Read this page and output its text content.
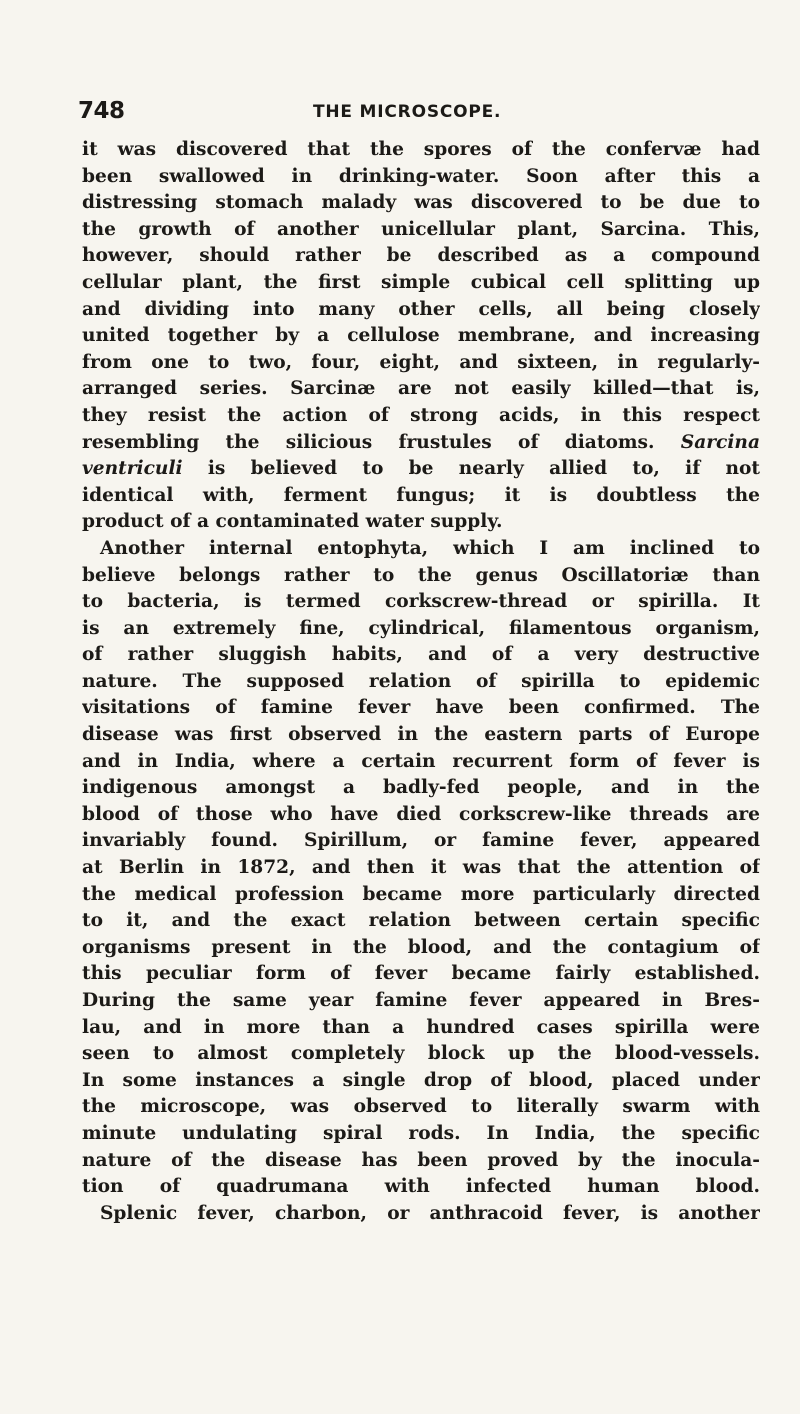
748	THE MICROSCOPE.
it was discovered that the spores of the confervæ had
been swallowed in drinking-water. Soon after this a
distressing stomach malady was discovered to be due to
the growth of another unicellular plant, Sarcina. This,
however, should rather be described as a compound
cellular plant, the first simple cubical cell splitting up
and dividing into many other cells, all being closely
united together by a cellulose membrane, and increasing
from one to two, four, eight, and sixteen, in regularly-
arranged series. Sarcinæ are not easily killed—that is,
they resist the action of strong acids, in this respect
resembling the silicious frustules of diatoms. Sarcina
ventriculi is believed to be nearly allied to, if not
identical with, ferment fungus; it is doubtless the
product of a contaminated water supply.
Another internal entophyta, which I am inclined to
believe belongs rather to the genus Oscillatoriæ than
to bacteria, is termed corkscrew-thread or spirilla. It
is an extremely fine, cylindrical, filamentous organism,
of rather sluggish habits, and of a very destructive
nature. The supposed relation of spirilla to epidemic
visitations of famine fever have been confirmed. The
disease was first observed in the eastern parts of Europe
and in India, where a certain recurrent form of fever is
indigenous amongst a badly-fed people, and in the
blood of those who have died corkscrew-like threads are
invariably found. Spirillum, or famine fever, appeared
at Berlin in 1872, and then it was that the attention of
the medical profession became more particularly directed
to it, and the exact relation between certain specific
organisms present in the blood, and the contagium of
this peculiar form of fever became fairly established.
During the same year famine fever appeared in Bres-
lau, and in more than a hundred cases spirilla were
seen to almost completely block up the blood-vessels.
In some instances a single drop of blood, placed under
the microscope, was observed to literally swarm with
minute undulating spiral rods. In India, the specific
nature of the disease has been proved by the inocula-
tion of quadrumana with infected human blood.
Splenic fever, charbon, or anthracoid fever, is another
